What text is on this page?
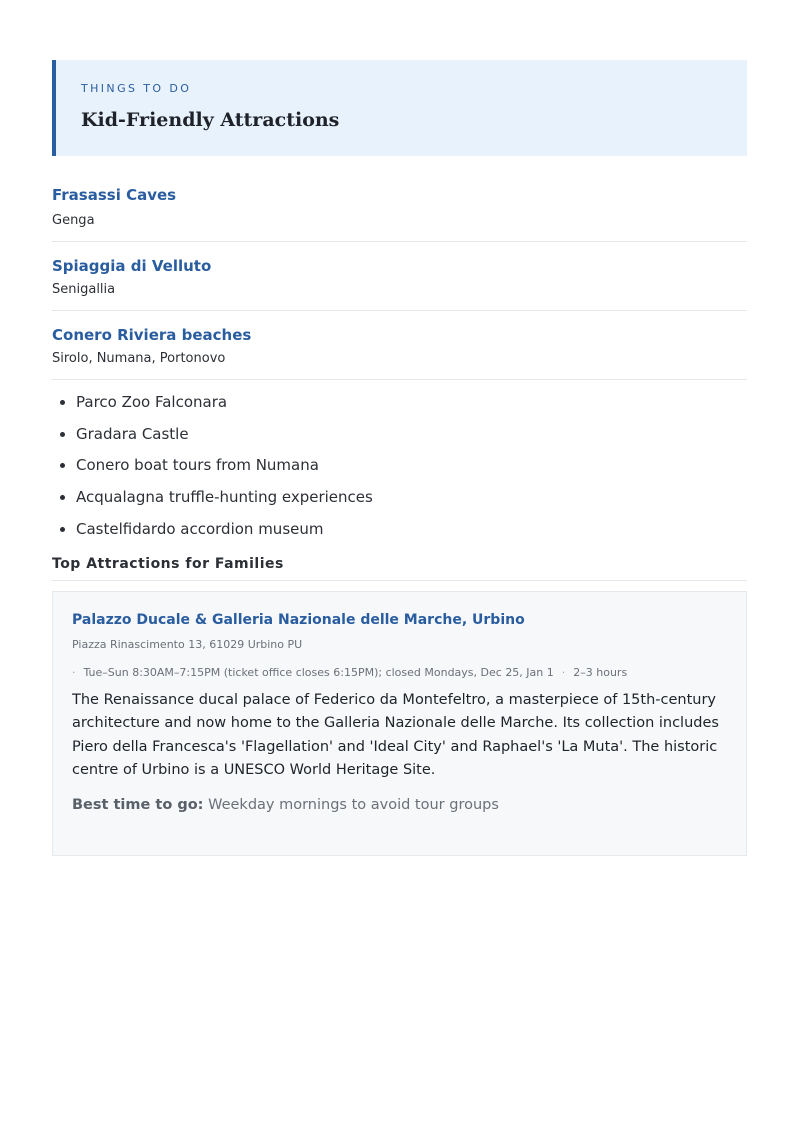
THINGS TO DO
Kid-Friendly Attractions
Frasassi Caves
Genga
Spiaggia di Velluto
Senigallia
Conero Riviera beaches
Sirolo, Numana, Portonovo
Parco Zoo Falconara
Gradara Castle
Conero boat tours from Numana
Acqualagna truffle-hunting experiences
Castelfidardo accordion museum
Top Attractions for Families
Palazzo Ducale & Galleria Nazionale delle Marche, Urbino
Piazza Rinascimento 13, 61029 Urbino PU
· Tue–Sun 8:30AM–7:15PM (ticket office closes 6:15PM); closed Mondays, Dec 25, Jan 1 · 2–3 hours
The Renaissance ducal palace of Federico da Montefeltro, a masterpiece of 15th-century architecture and now home to the Galleria Nazionale delle Marche. Its collection includes Piero della Francesca's 'Flagellation' and 'Ideal City' and Raphael's 'La Muta'. The historic centre of Urbino is a UNESCO World Heritage Site.
Best time to go: Weekday mornings to avoid tour groups
